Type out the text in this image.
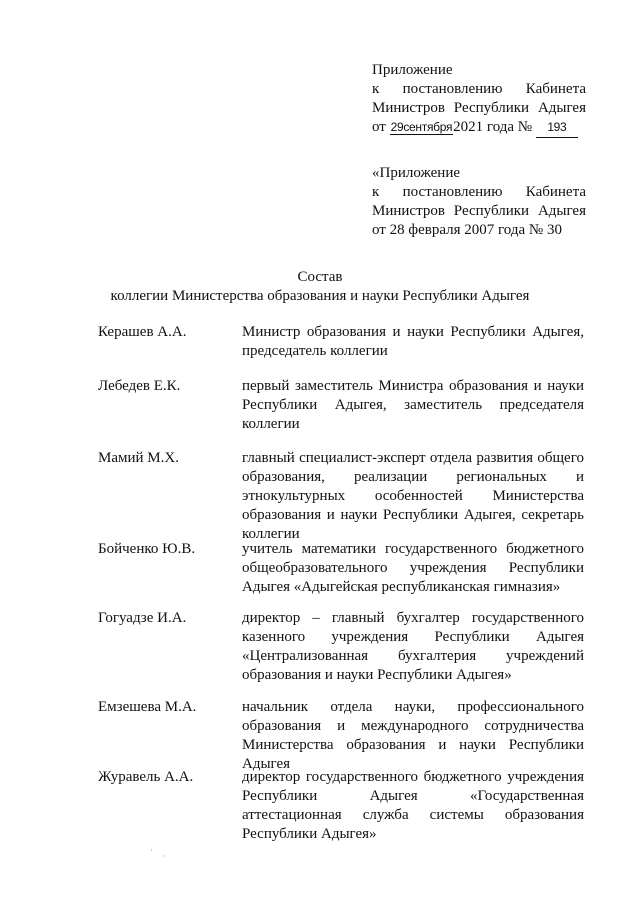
Приложение
к постановлению Кабинета
Министров Республики Адыгея
от 29сентября2021 года № 193
«Приложение
к постановлению Кабинета
Министров Республики Адыгея
от 28 февраля 2007 года № 30
Состав
коллегии Министерства образования и науки Республики Адыгея
Керашев А.А.	Министр образования и науки Республики Адыгея, председатель коллегии
Лебедев Е.К.	первый заместитель Министра образования и науки Республики Адыгея, заместитель председателя коллегии
Мамий М.Х.	главный специалист-эксперт отдела развития общего образования, реализации региональных и этнокультурных особенностей Министерства образования и науки Республики Адыгея, секретарь коллегии
Бойченко Ю.В.	учитель математики государственного бюджетного общеобразовательного учреждения Республики Адыгея «Адыгейская республиканская гимназия»
Гогуадзе И.А.	директор – главный бухгалтер государственного казенного учреждения Республики Адыгея «Централизованная бухгалтерия учреждений образования и науки Республики Адыгея»
Емзешева М.А.	начальник отдела науки, профессионального образования и международного сотрудничества Министерства образования и науки Республики Адыгея
Журавель А.А.	директор государственного бюджетного учреждения Республики Адыгея «Государственная аттестационная служба системы образования Республики Адыгея»
·
·
